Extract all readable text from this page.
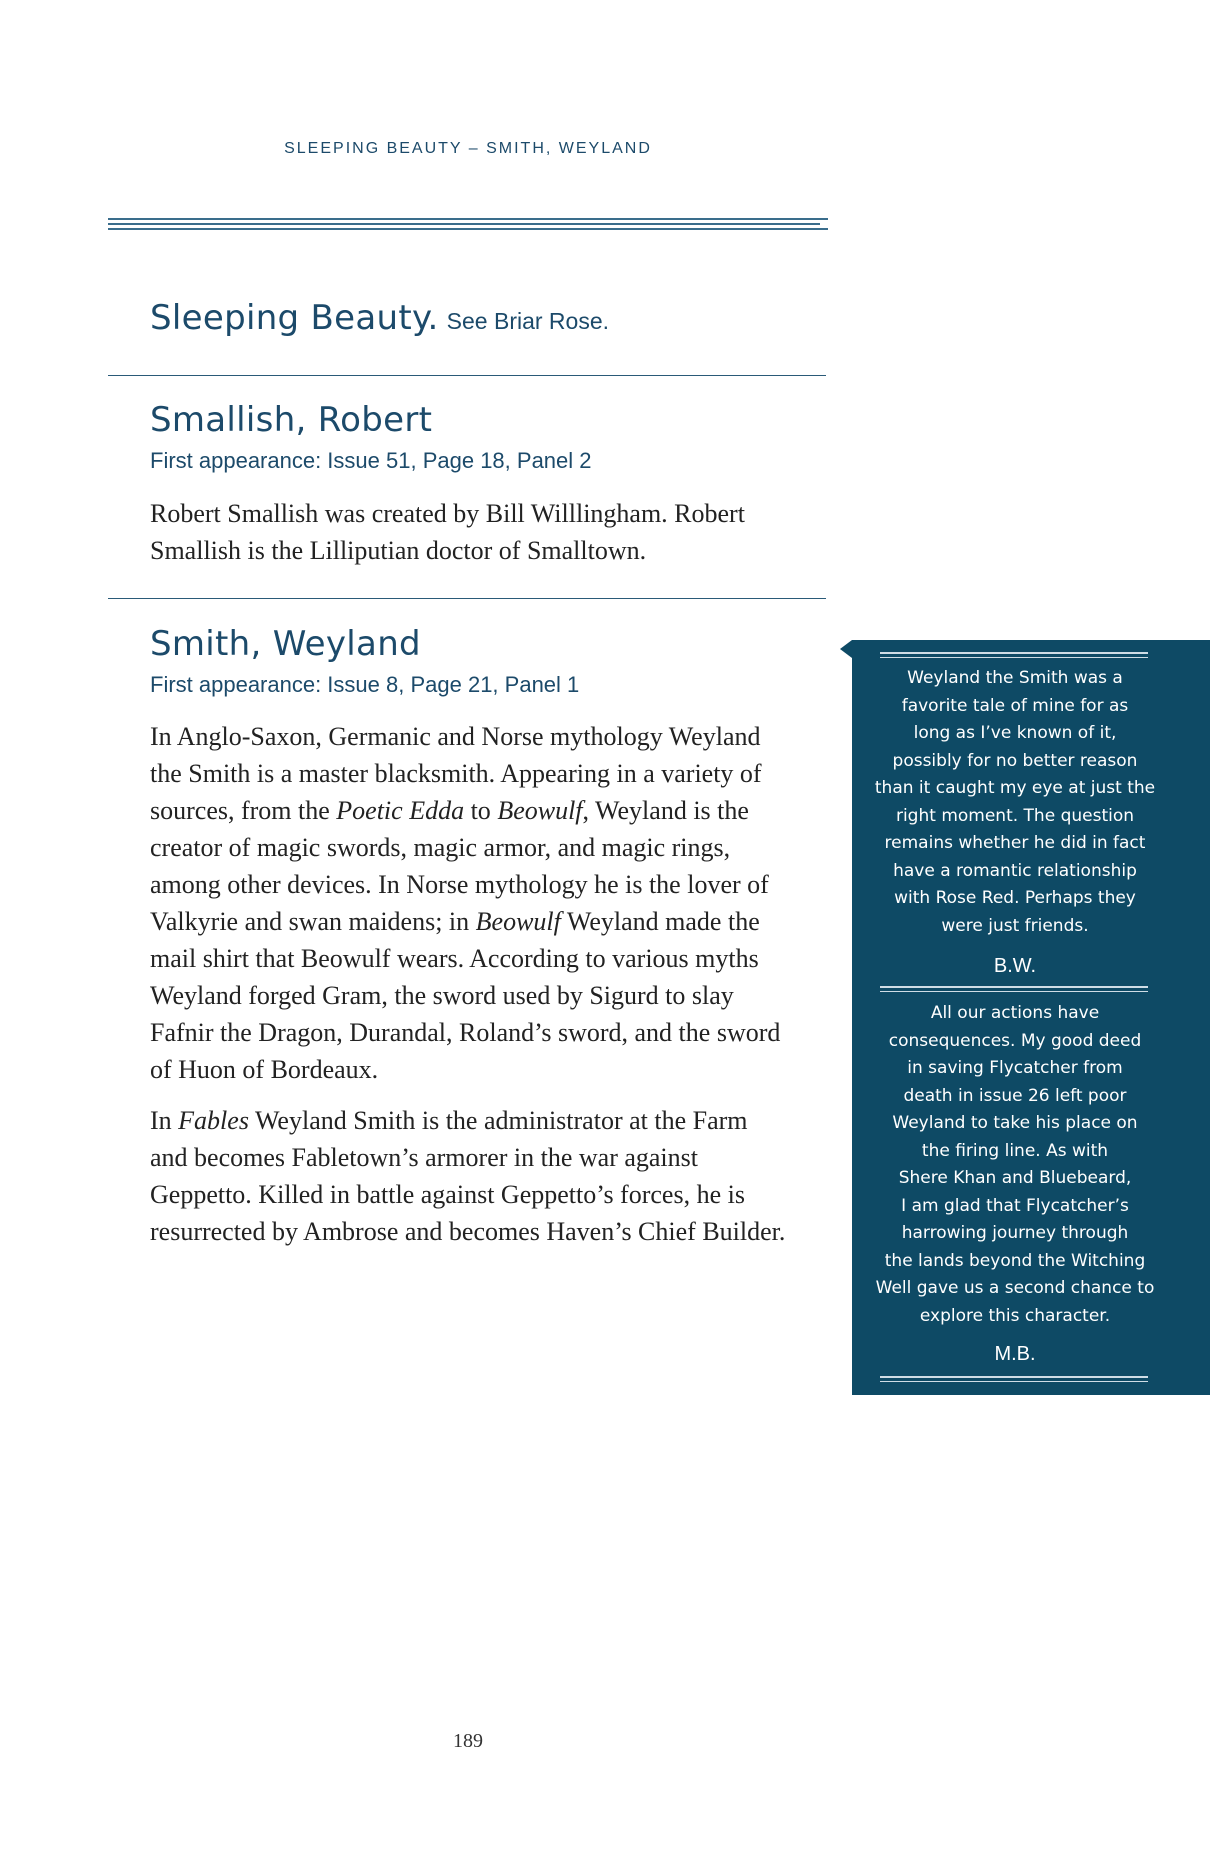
SLEEPING BEAUTY – SMITH, WEYLAND
Sleeping Beauty. See Briar Rose.
Smallish, Robert
First appearance: Issue 51, Page 18, Panel 2

Robert Smallish was created by Bill Willlingham. Robert Smallish is the Lilliputian doctor of Smalltown.

Smith, Weyland
First appearance: Issue 8, Page 21, Panel 1

In Anglo-Saxon, Germanic and Norse mythology Weyland the Smith is a master blacksmith. Appearing in a variety of sources, from the Poetic Edda to Beowulf, Weyland is the creator of magic swords, magic armor, and magic rings, among other devices. In Norse mythology he is the lover of Valkyrie and swan maidens; in Beowulf Weyland made the mail shirt that Beowulf wears. According to various myths Weyland forged Gram, the sword used by Sigurd to slay Fafnir the Dragon, Durandal, Roland’s sword, and the sword of Huon of Bordeaux.

In Fables Weyland Smith is the administrator at the Farm and becomes Fabletown’s armorer in the war against Geppetto. Killed in battle against Geppetto’s forces, he is resurrected by Ambrose and becomes Haven’s Chief Builder.

Weyland the Smith was a
favorite tale of mine for as
long as I’ve known of it,
possibly for no better reason
than it caught my eye at just the
right moment. The question
remains whether he did in fact
have a romantic relationship
with Rose Red. Perhaps they
were just friends.
B.W.
All our actions have
consequences. My good deed
in saving Flycatcher from
death in issue 26 left poor
Weyland to take his place on
the firing line. As with
Shere Khan and Bluebeard,
I am glad that Flycatcher’s
harrowing journey through
the lands beyond the Witching
Well gave us a second chance to
explore this character.
M.B.
189
